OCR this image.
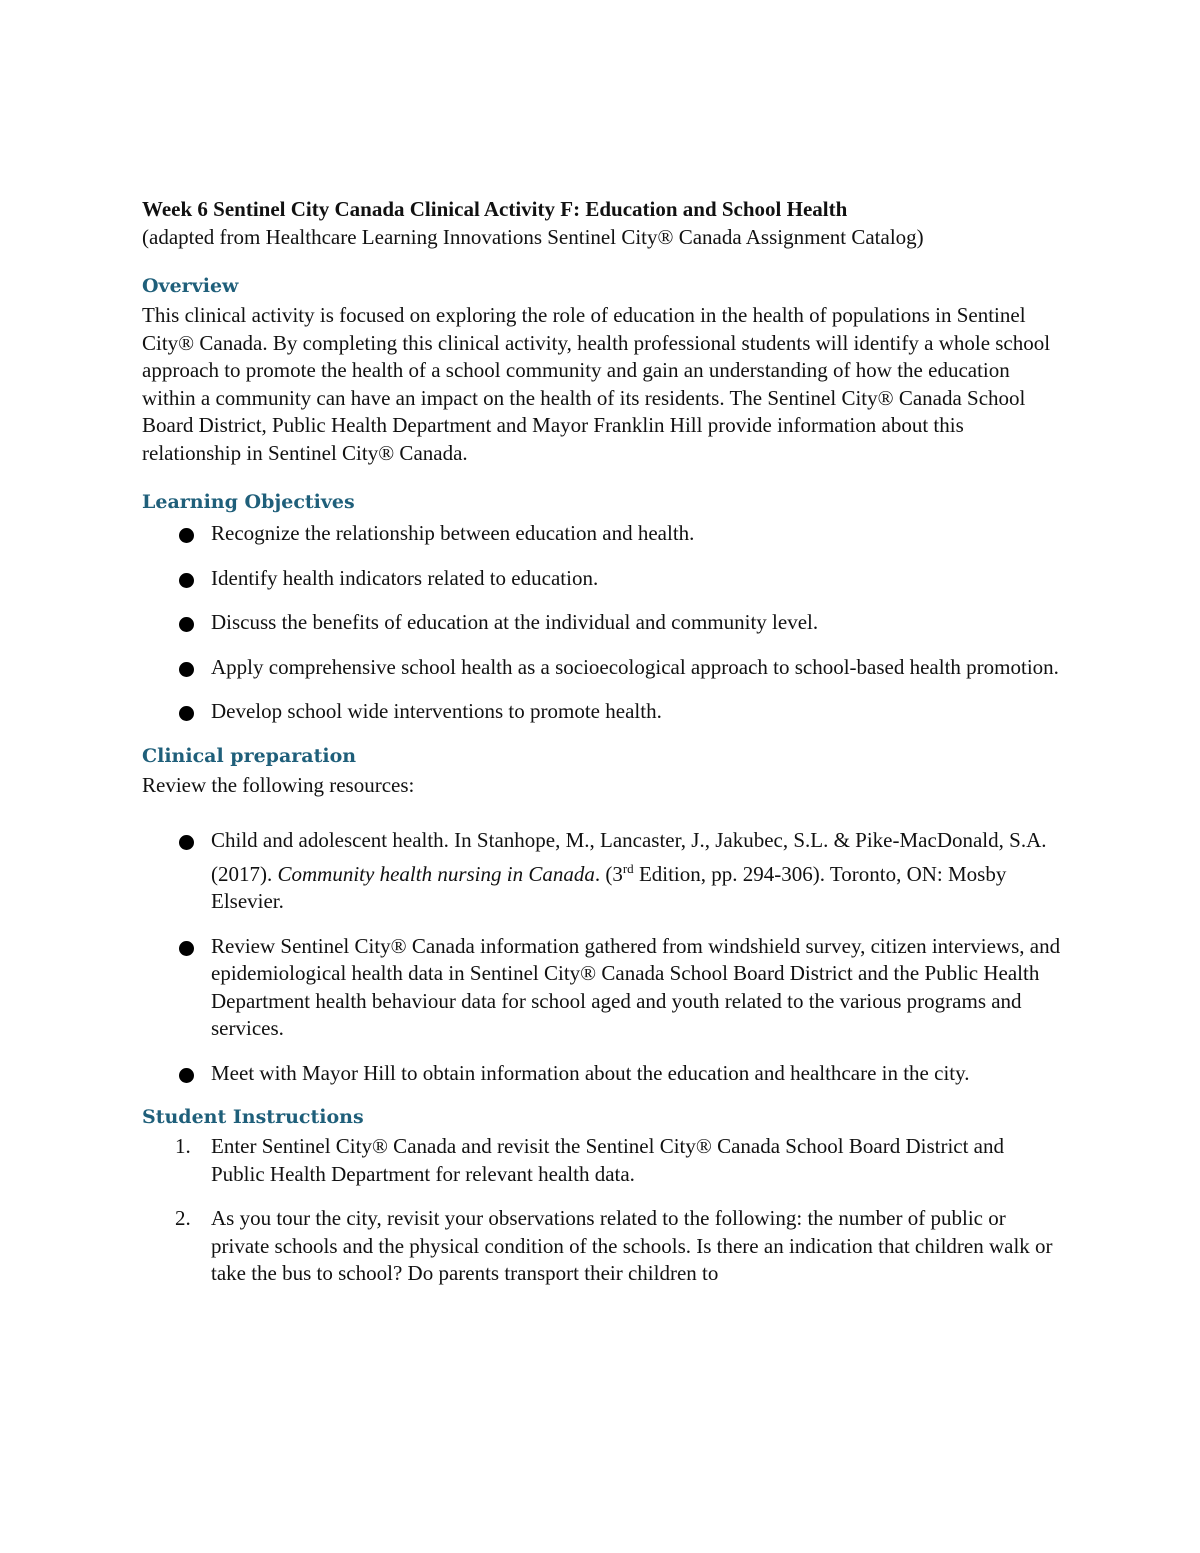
Week 6 Sentinel City Canada Clinical Activity F: Education and School Health

(adapted from Healthcare Learning Innovations Sentinel City® Canada Assignment Catalog)

Overview

This clinical activity is focused on exploring the role of education in the health of populations in Sentinel City® Canada. By completing this clinical activity, health professional students will identify a whole school approach to promote the health of a school community and gain an understanding of how the education within a community can have an impact on the health of its residents. The Sentinel City® Canada School Board District, Public Health Department and Mayor Franklin Hill provide information about this relationship in Sentinel City® Canada.

Learning Objectives
Recognize the relationship between education and health.
Identify health indicators related to education.
Discuss the benefits of education at the individual and community level.
Apply comprehensive school health as a socioecological approach to school-based health promotion.
Develop school wide interventions to promote health.
Clinical preparation

Review the following resources:

Child and adolescent health. In Stanhope, M., Lancaster, J., Jakubec, S.L. & Pike-MacDonald, S.A. (2017). Community health nursing in Canada. (3rd Edition, pp. 294-306). Toronto, ON: Mosby Elsevier.
Review Sentinel City® Canada information gathered from windshield survey, citizen interviews, and epidemiological health data in Sentinel City® Canada School Board District and the Public Health Department health behaviour data for school aged and youth related to the various programs and services.
Meet with Mayor Hill to obtain information about the education and healthcare in the city.
Student Instructions
1. Enter Sentinel City® Canada and revisit the Sentinel City® Canada School Board District and Public Health Department for relevant health data.
2. As you tour the city, revisit your observations related to the following: the number of public or private schools and the physical condition of the schools. Is there an indication that children walk or take the bus to school? Do parents transport their children to
